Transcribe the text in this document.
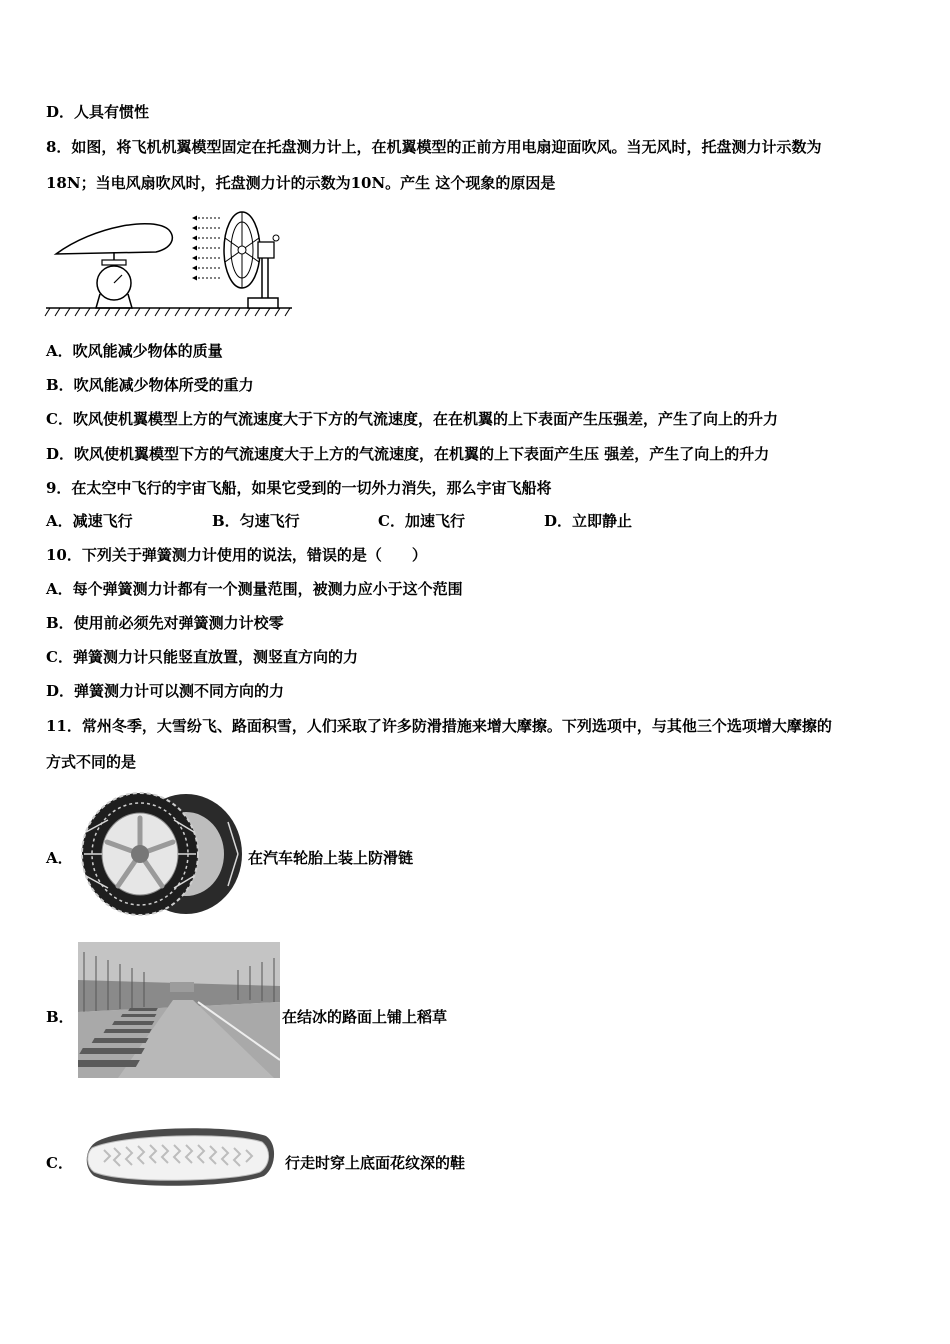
D．人具有惯性
8．如图，将飞机机翼模型固定在托盘测力计上，在机翼模型的正前方用电扇迎面吹风。当无风时，托盘测力计示数为
18N；当电风扇吹风时，托盘测力计的示数为10N。产生 这个现象的原因是
A．吹风能减少物体的质量
B．吹风能减少物体所受的重力
C．吹风使机翼模型上方的气流速度大于下方的气流速度，在在机翼的上下表面产生压强差，产生了向上的升力
D．吹风使机翼模型下方的气流速度大于上方的气流速度，在机翼的上下表面产生压 强差，产生了向上的升力
9．在太空中飞行的宇宙飞船，如果它受到的一切外力消失，那么宇宙飞船将
A．减速飞行	B．匀速飞行	C．加速飞行	D．立即静止
10．下列关于弹簧测力计使用的说法，错误的是（　　）
A．每个弹簧测力计都有一个测量范围，被测力应小于这个范围
B．使用前必须先对弹簧测力计校零
C．弹簧测力计只能竖直放置，测竖直方向的力
D．弹簧测力计可以测不同方向的力
11．常州冬季，大雪纷飞、路面积雪，人们采取了许多防滑措施来增大摩擦。下列选项中，与其他三个选项增大摩擦的
方式不同的是
A．	在汽车轮胎上装上防滑链
B．	在结冰的路面上铺上稻草
C．	行走时穿上底面花纹深的鞋
